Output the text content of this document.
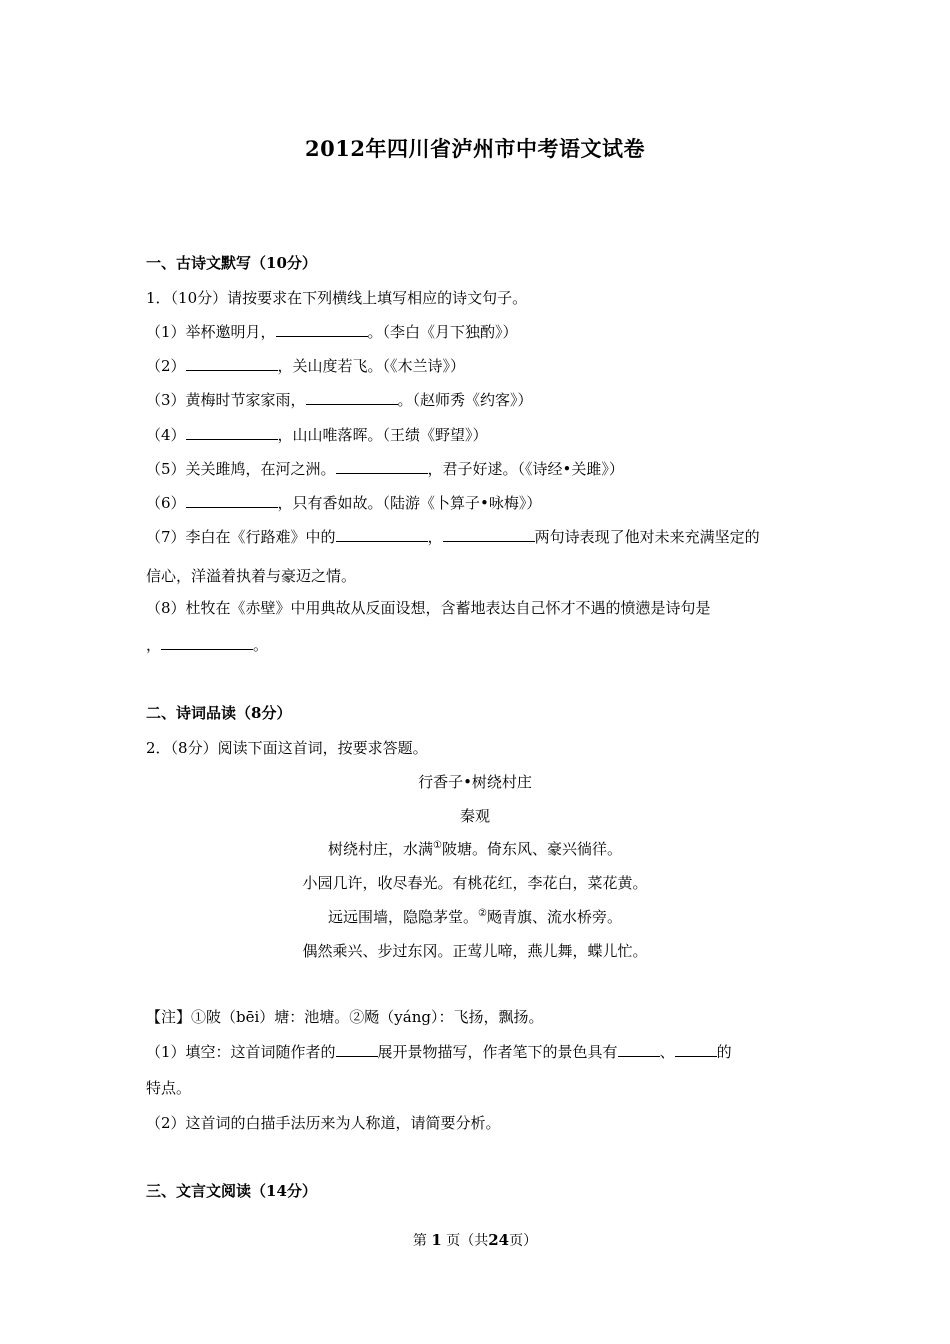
2012年四川省泸州市中考语文试卷
一、古诗文默写（10分）
1．（10分）请按要求在下列横线上填写相应的诗文句子。
（1）举杯邀明月，	。（李白《月下独酌》）
（2）	，关山度若飞。（《木兰诗》）
（3）黄梅时节家家雨，	。（赵师秀《约客》）
（4）	，山山唯落晖。（王绩《野望》）
（5）关关雎鸠，在河之洲。	，君子好逑。（《诗经•关雎》）
（6）	，只有香如故。（陆游《卜算子•咏梅》）
（7）李白在《行路难》中的	，	两句诗表现了他对未来充满坚定的
信心，洋溢着执着与豪迈之情。
（8）杜牧在《赤壁》中用典故从反面设想，含蓄地表达自己怀才不遇的愤懑是诗句是
，	。
二、诗词品读（8分）
2．（8分）阅读下面这首词，按要求答题。
行香子•树绕村庄
秦观
树绕村庄，水满①陂塘。倚东风、豪兴徜徉。
小园几许，收尽春光。有桃花红，李花白，菜花黄。
远远围墙，隐隐茅堂。②飏青旗、流水桥旁。
偶然乘兴、步过东冈。正莺儿啼，燕儿舞，蝶儿忙。
【注】①陂（bēi）塘：池塘。②飏（yáng）：飞扬，飘扬。
（1）填空：这首词随作者的	展开景物描写，作者笔下的景色具有	、	的
特点。
（2）这首词的白描手法历来为人称道，请简要分析。
三、文言文阅读（14分）
第 1 页（共24页）
